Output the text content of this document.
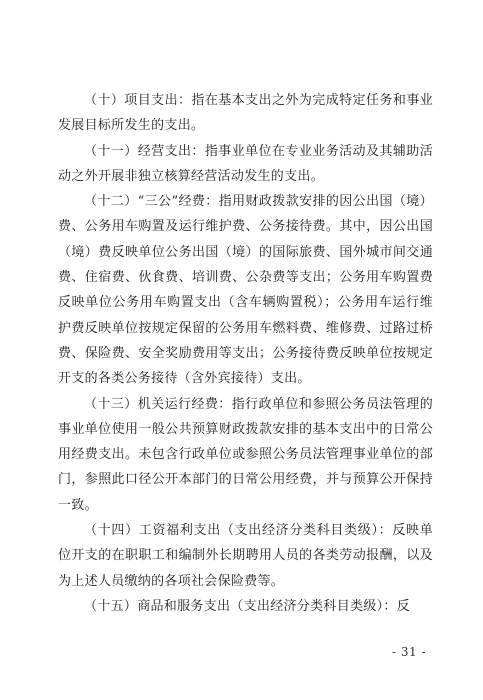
（十）项目支出：指在基本支出之外为完成特定任务和事业发展目标所发生的支出。

（十一）经营支出：指事业单位在专业业务活动及其辅助活动之外开展非独立核算经营活动发生的支出。

（十二）“三公”经费：指用财政拨款安排的因公出国（境）费、公务用车购置及运行维护费、公务接待费。其中，因公出国（境）费反映单位公务出国（境）的国际旅费、国外城市间交通费、住宿费、伙食费、培训费、公杂费等支出；公务用车购置费反映单位公务用车购置支出（含车辆购置税）；公务用车运行维护费反映单位按规定保留的公务用车燃料费、维修费、过路过桥费、保险费、安全奖励费用等支出；公务接待费反映单位按规定开支的各类公务接待（含外宾接待）支出。

（十三）机关运行经费：指行政单位和参照公务员法管理的事业单位使用一般公共预算财政拨款安排的基本支出中的日常公用经费支出。未包含行政单位或参照公务员法管理事业单位的部门，参照此口径公开本部门的日常公用经费，并与预算公开保持一致。

（十四）工资福利支出（支出经济分类科目类级）：反映单位开支的在职职工和编制外长期聘用人员的各类劳动报酬，以及为上述人员缴纳的各项社会保险费等。

（十五）商品和服务支出（支出经济分类科目类级）：反

- 31 -
